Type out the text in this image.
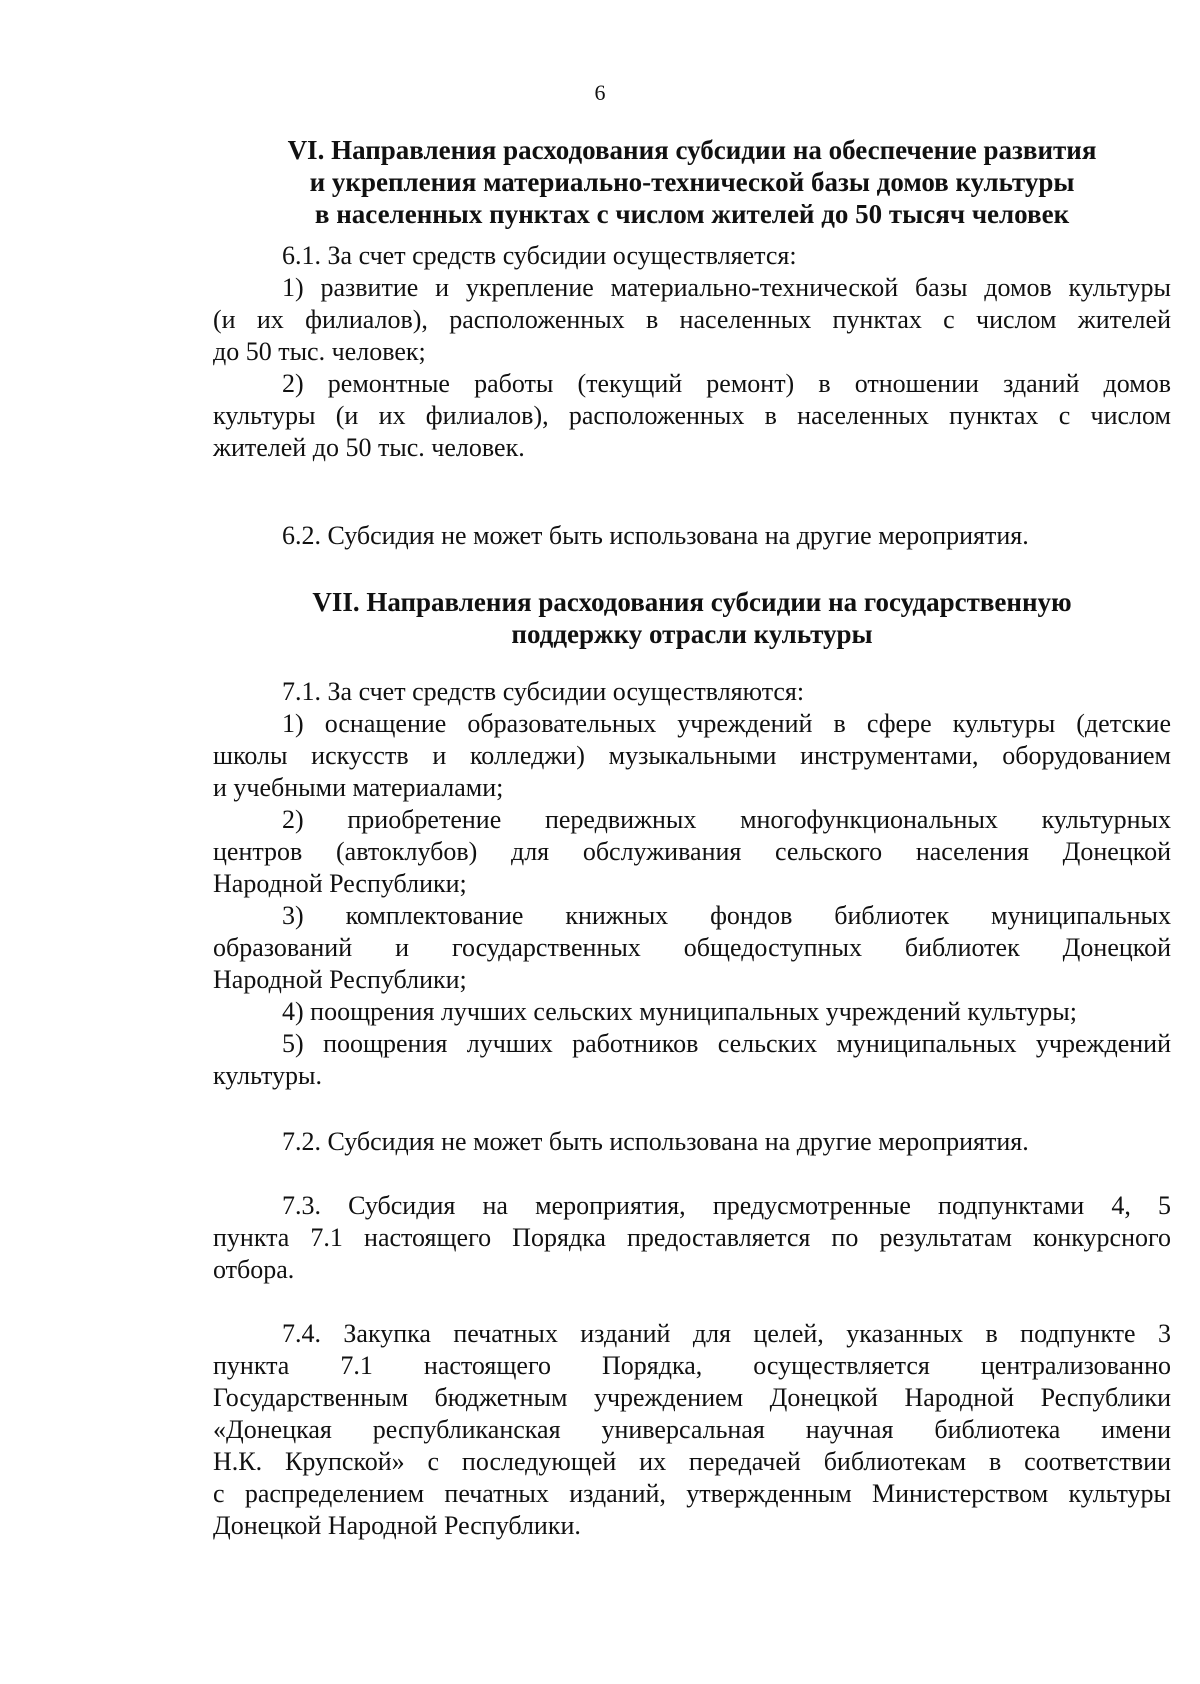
6
VI. Направления расходования субсидии на обеспечение развития
и укрепления материально-технической базы домов культуры
в населенных пунктах с числом жителей до 50 тысяч человек
6.1. За счет средств субсидии осуществляется:
1) развитие и укрепление материально-технической базы домов культуры
(и их филиалов), расположенных в населенных пунктах с числом жителей
до 50 тыс. человек;
2) ремонтные работы (текущий ремонт) в отношении зданий домов
культуры (и их филиалов), расположенных в населенных пунктах с числом
жителей до 50 тыс. человек.
6.2. Субсидия не может быть использована на другие мероприятия.
VII. Направления расходования субсидии на государственную
поддержку отрасли культуры
7.1. За счет средств субсидии осуществляются:
1) оснащение образовательных учреждений в сфере культуры (детские
школы искусств и колледжи) музыкальными инструментами, оборудованием
и учебными материалами;
2) приобретение передвижных многофункциональных культурных
центров (автоклубов) для обслуживания сельского населения Донецкой
Народной Республики;
3) комплектование книжных фондов библиотек муниципальных
образований и государственных общедоступных библиотек Донецкой
Народной Республики;
4) поощрения лучших сельских муниципальных учреждений культуры;
5) поощрения лучших работников сельских муниципальных учреждений
культуры.
7.2. Субсидия не может быть использована на другие мероприятия.
7.3. Субсидия на мероприятия, предусмотренные подпунктами 4, 5
пункта 7.1 настоящего Порядка предоставляется по результатам конкурсного
отбора.
7.4. Закупка печатных изданий для целей, указанных в подпункте 3
пункта 7.1 настоящего Порядка, осуществляется централизованно
Государственным бюджетным учреждением Донецкой Народной Республики
«Донецкая республиканская универсальная научная библиотека имени
Н.К. Крупской» с последующей их передачей библиотекам в соответствии
с распределением печатных изданий, утвержденным Министерством культуры
Донецкой Народной Республики.
